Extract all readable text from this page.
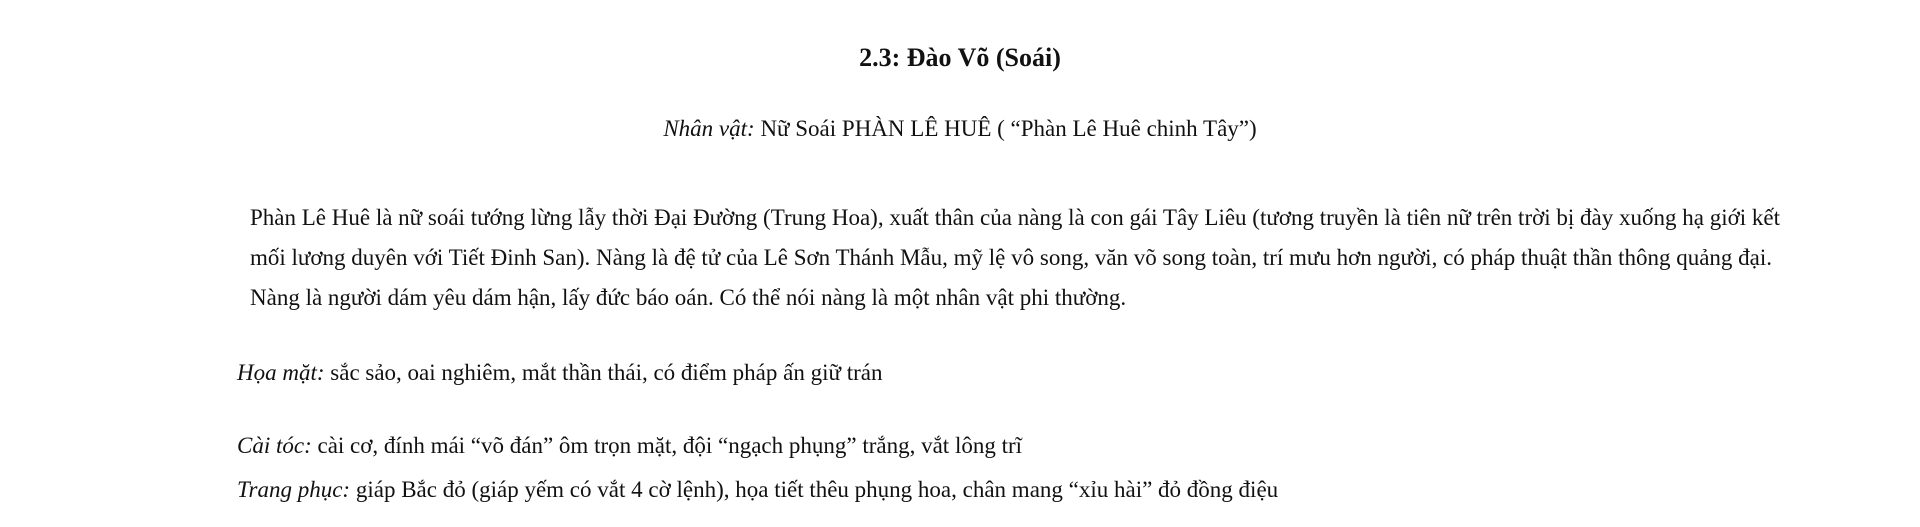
2.3: Đào Võ (Soái)
Nhân vật: Nữ Soái PHÀN LÊ HUÊ ( “Phàn Lê Huê chinh Tây”)

Phàn Lê Huê là nữ soái tướng lừng lẫy thời Đại Đường (Trung Hoa), xuất thân của nàng là con gái Tây Liêu (tương truyền là tiên nữ trên trời bị đày xuống hạ giới kết mối lương duyên với Tiết Đinh San). Nàng là đệ tử của Lê Sơn Thánh Mẫu, mỹ lệ vô song, văn võ song toàn, trí mưu hơn người, có pháp thuật thần thông quảng đại. Nàng là người dám yêu dám hận, lấy đức báo oán. Có thể nói nàng là một nhân vật phi thường.

Họa mặt: sắc sảo, oai nghiêm, mắt thần thái, có điểm pháp ấn giữ trán

Cài tóc: cài cơ, đính mái “võ đán” ôm trọn mặt, đội “ngạch phụng” trắng, vắt lông trĩ

Trang phục: giáp Bắc đỏ (giáp yếm có vắt 4 cờ lệnh), họa tiết thêu phụng hoa, chân mang “xỉu hài” đỏ đồng điệu
